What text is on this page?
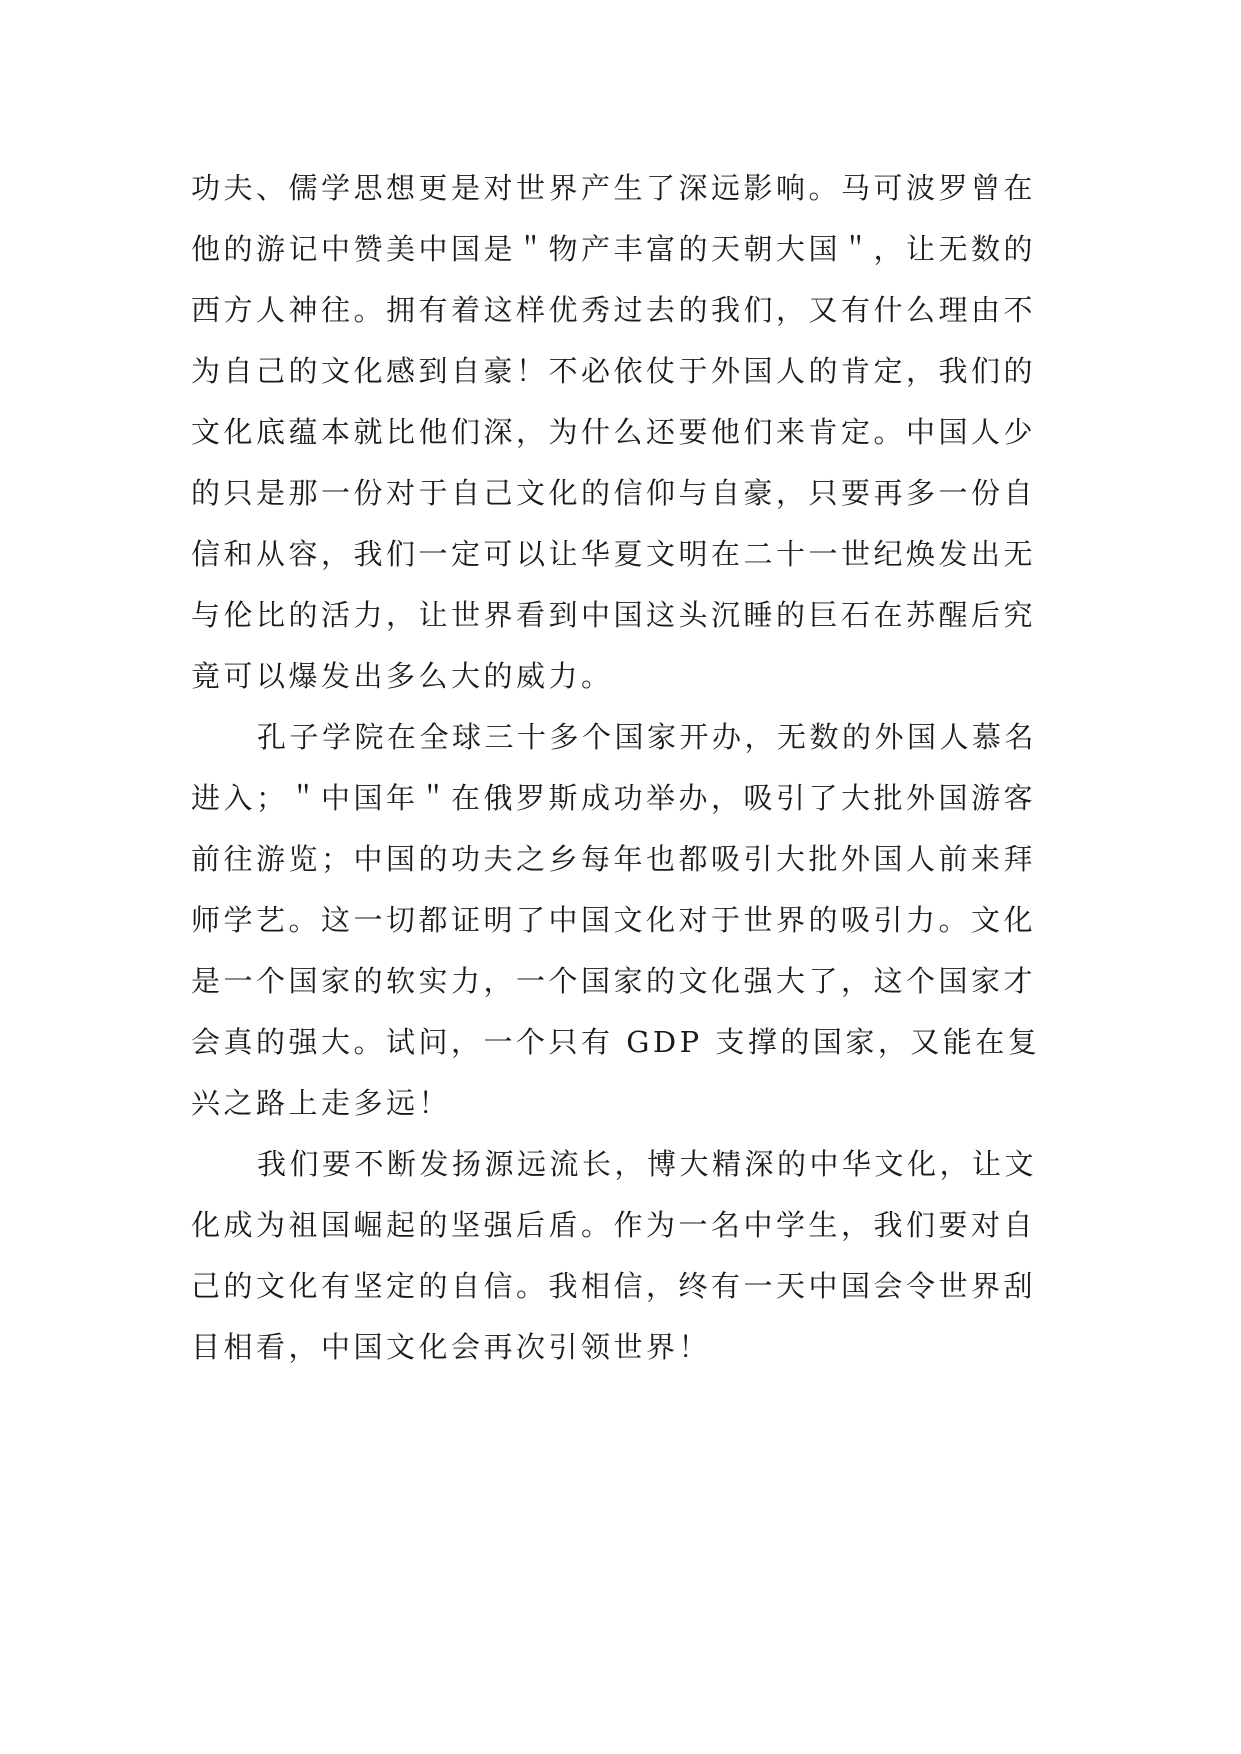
功夫、儒学思想更是对世界产生了深远影响。马可波罗曾在他的游记中赞美中国是＂物产丰富的天朝大国＂，让无数的西方人神往。拥有着这样优秀过去的我们，又有什么理由不为自己的文化感到自豪！不必依仗于外国人的肯定，我们的文化底蕴本就比他们深，为什么还要他们来肯定。中国人少的只是那一份对于自己文化的信仰与自豪，只要再多一份自信和从容，我们一定可以让华夏文明在二十一世纪焕发出无与伦比的活力，让世界看到中国这头沉睡的巨石在苏醒后究竟可以爆发出多么大的威力。

孔子学院在全球三十多个国家开办，无数的外国人慕名进入；＂中国年＂在俄罗斯成功举办，吸引了大批外国游客前往游览；中国的功夫之乡每年也都吸引大批外国人前来拜师学艺。这一切都证明了中国文化对于世界的吸引力。文化是一个国家的软实力，一个国家的文化强大了，这个国家才会真的强大。试问，一个只有 GDP 支撑的国家，又能在复兴之路上走多远！

我们要不断发扬源远流长，博大精深的中华文化，让文化成为祖国崛起的坚强后盾。作为一名中学生，我们要对自己的文化有坚定的自信。我相信，终有一天中国会令世界刮目相看，中国文化会再次引领世界！
